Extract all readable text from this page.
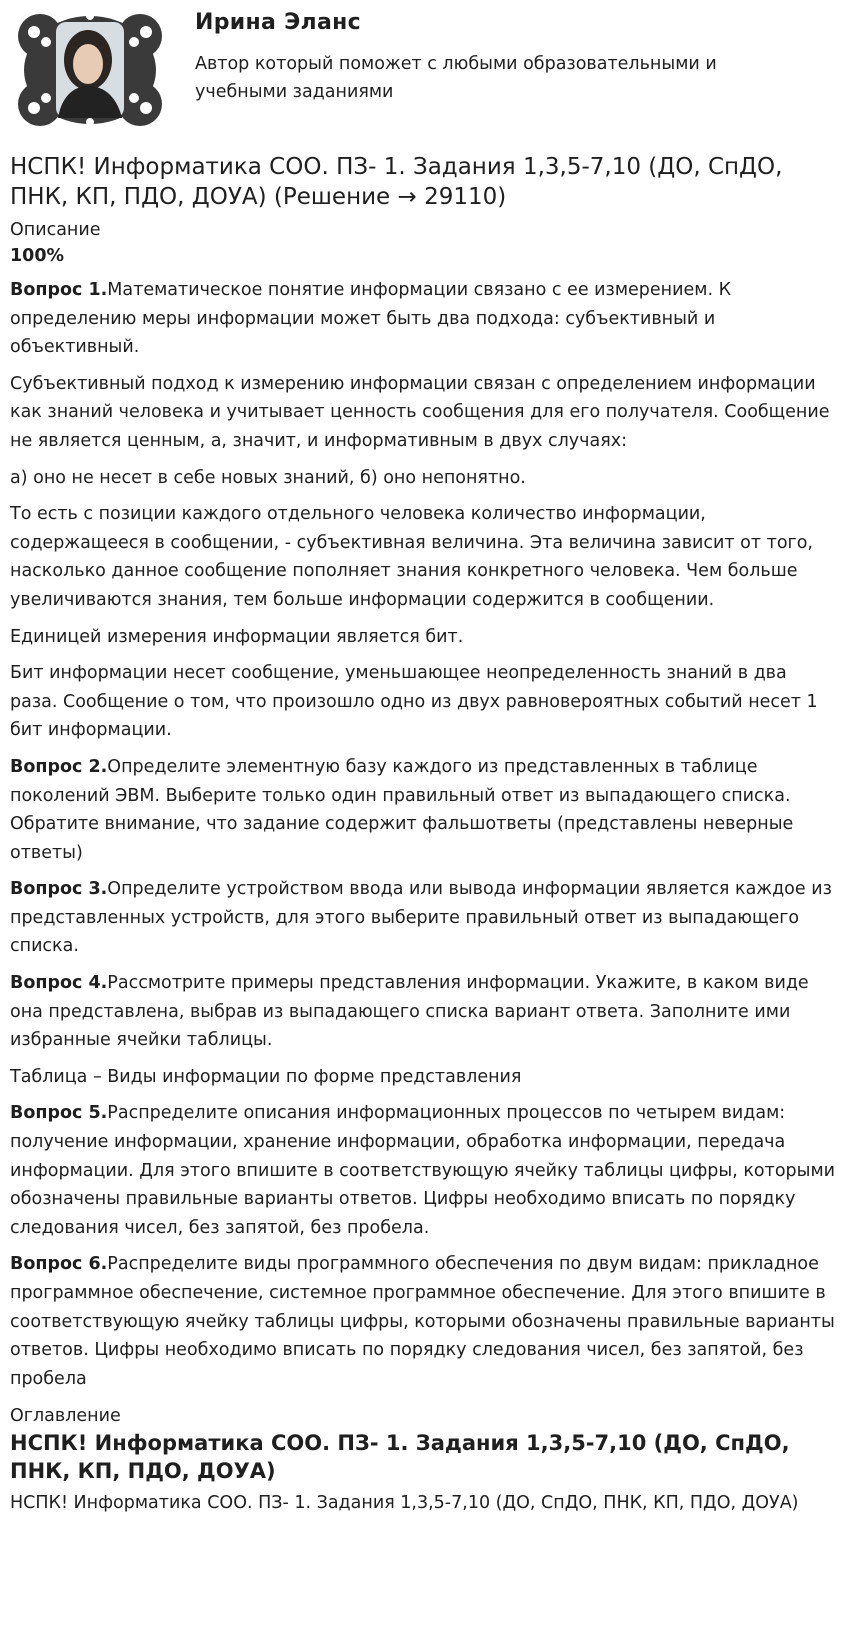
Ирина Эланс

Автор который поможет с любыми образовательными и учебными заданиями

НСПК! Информатика СОО. ПЗ- 1. Задания 1,3,5-7,10 (ДО, СпДО, ПНК, КП, ПДО, ДОУА) (Решение → 29110)

Описание

100%

Вопрос 1.Математическое понятие информации связано с ее измерением. К определению меры информации может быть два подхода: субъективный и объективный.

Субъективный подход к измерению информации связан с определением информации как знаний человека и учитывает ценность сообщения для его получателя. Сообщение не является ценным, а, значит, и информативным в двух случаях:

а) оно не несет в себе новых знаний, б) оно непонятно.

То есть с позиции каждого отдельного человека количество информации, содержащееся в сообщении, - субъективная величина. Эта величина зависит от того, насколько данное сообщение пополняет знания конкретного человека. Чем больше увеличиваются знания, тем больше информации содержится в сообщении.

Единицей измерения информации является бит.

Бит информации несет сообщение, уменьшающее неопределенность знаний в два раза. Сообщение о том, что произошло одно из двух равновероятных событий несет 1 бит информации.

Вопрос 2.Определите элементную базу каждого из представленных в таблице поколений ЭВМ. Выберите только один правильный ответ из выпадающего списка. Обратите внимание, что задание содержит фальшответы (представлены неверные ответы)

Вопрос 3.Определите устройством ввода или вывода информации является каждое из представленных устройств, для этого выберите правильный ответ из выпадающего списка.

Вопрос 4.Рассмотрите примеры представления информации. Укажите, в каком виде она представлена, выбрав из выпадающего списка вариант ответа. Заполните ими избранные ячейки таблицы.

Таблица – Виды информации по форме представления

Вопрос 5.Распределите описания информационных процессов по четырем видам: получение информации, хранение информации, обработка информации, передача информации. Для этого впишите в соответствующую ячейку таблицы цифры, которыми обозначены правильные варианты ответов. Цифры необходимо вписать по порядку следования чисел, без запятой, без пробела.

Вопрос 6.Распределите виды программного обеспечения по двум видам: прикладное программное обеспечение, системное программное обеспечение. Для этого впишите в соответствующую ячейку таблицы цифры, которыми обозначены правильные варианты ответов. Цифры необходимо вписать по порядку следования чисел, без запятой, без пробела

Оглавление

НСПК! Информатика СОО. ПЗ- 1. Задания 1,3,5-7,10 (ДО, СпДО, ПНК, КП, ПДО, ДОУА)

НСПК! Информатика СОО. ПЗ- 1. Задания 1,3,5-7,10 (ДО, СпДО, ПНК, КП, ПДО, ДОУА)
